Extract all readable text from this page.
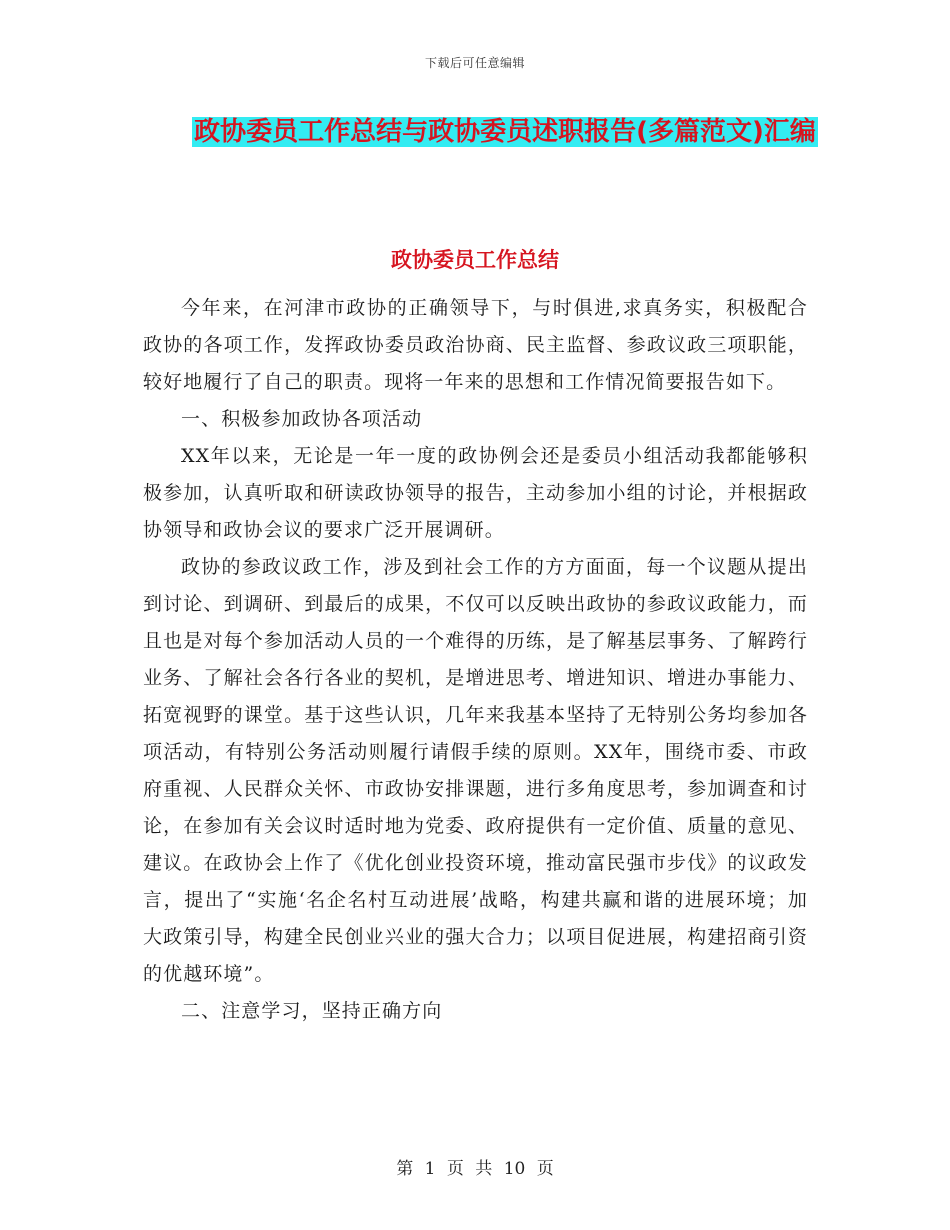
下载后可任意编辑
政协委员工作总结与政协委员述职报告(多篇范文)汇编
政协委员工作总结

今年来，在河津市政协的正确领导下，与时俱进,求真务实，积极配合政协的各项工作，发挥政协委员政治协商、民主监督、参政议政三项职能，较好地履行了自己的职责。现将一年来的思想和工作情况简要报告如下。

一、积极参加政协各项活动

XX年以来，无论是一年一度的政协例会还是委员小组活动我都能够积极参加，认真听取和研读政协领导的报告，主动参加小组的讨论，并根据政协领导和政协会议的要求广泛开展调研。

政协的参政议政工作，涉及到社会工作的方方面面，每一个议题从提出到讨论、到调研、到最后的成果，不仅可以反映出政协的参政议政能力，而且也是对每个参加活动人员的一个难得的历练，是了解基层事务、了解跨行业务、了解社会各行各业的契机，是增进思考、增进知识、增进办事能力、拓宽视野的课堂。基于这些认识，几年来我基本坚持了无特别公务均参加各项活动，有特别公务活动则履行请假手续的原则。XX年，围绕市委、市政府重视、人民群众关怀、市政协安排课题，进行多角度思考，参加调查和讨论，在参加有关会议时适时地为党委、政府提供有一定价值、质量的意见、建议。在政协会上作了《优化创业投资环境，推动富民强市步伐》的议政发言，提出了“实施‘名企名村互动进展’战略，构建共赢和谐的进展环境；加大政策引导，构建全民创业兴业的强大合力；以项目促进展，构建招商引资的优越环境”。

二、注意学习，坚持正确方向

第 1 页 共 10 页
